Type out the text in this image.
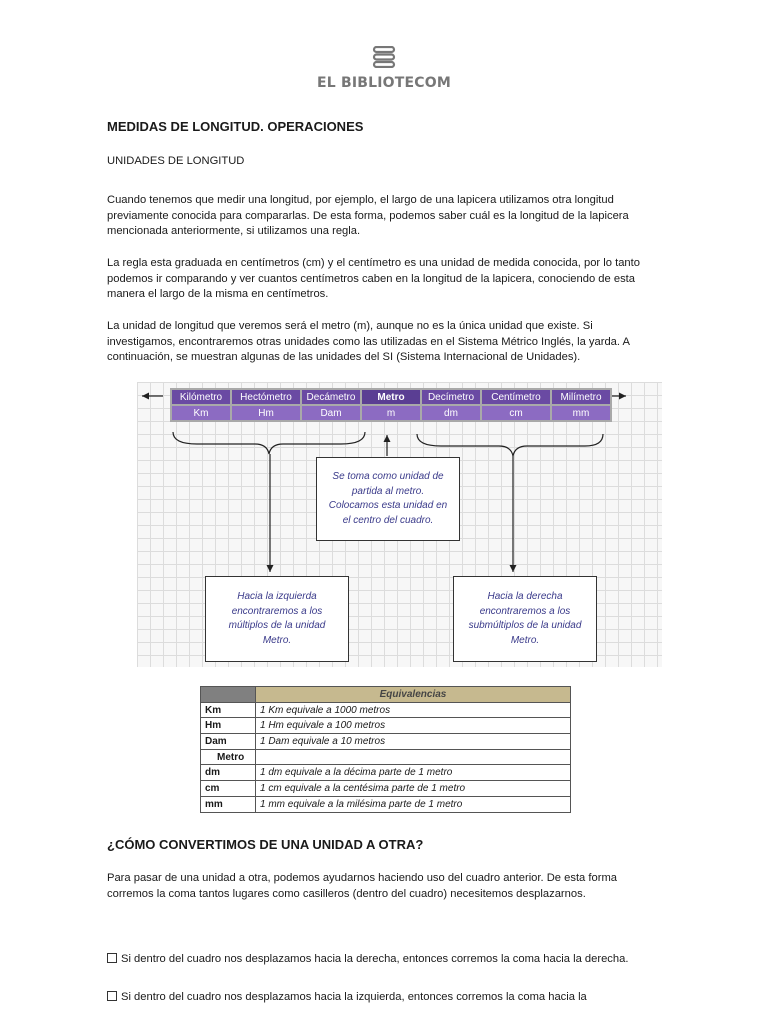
EL BIBLIOTECOM
MEDIDAS DE LONGITUD. OPERACIONES
UNIDADES DE LONGITUD

Cuando tenemos que medir una longitud, por ejemplo, el largo de una lapicera utilizamos otra longitud previamente conocida para compararlas. De esta forma, podemos saber cuál es la longitud de la lapicera mencionada anteriormente, si utilizamos una regla.

La regla esta graduada en centímetros (cm) y el centímetro es una unidad de medida conocida, por lo tanto podemos ir comparando y ver cuantos centímetros caben en la longitud de la lapicera, conociendo de esta manera el largo de la misma en centímetros.

La unidad de longitud que veremos será el metro (m), aunque no es la única unidad que existe. Si investigamos, encontraremos otras unidades como las utilizadas en el Sistema Métrico Inglés, la yarda. A continuación, se muestran algunas de las unidades del SI (Sistema Internacional de Unidades).

Kilómetro	Hectómetro	Decámetro	Metro	Decímetro	Centímetro	Milímetro
Km	Hm	Dam	m	dm	cm	mm
Se toma como unidad de partida al metro. Colocamos esta unidad en el centro del cuadro.
Hacia la izquierda encontraremos a los múltiplos de la unidad Metro.
Hacia la derecha encontraremos a los submúltiplos de la unidad Metro.
	Equivalencias
Km	1 Km equivale a 1000 metros
Hm	1 Hm equivale a 100 metros
Dam	1 Dam equivale a 10 metros
Metro	
dm	1 dm equivale a la décima parte de 1 metro
cm	1 cm equivale a la centésima parte de 1 metro
mm	1 mm equivale a la milésima parte de 1 metro
¿CÓMO CONVERTIMOS DE UNA UNIDAD A OTRA?

Para pasar de una unidad a otra, podemos ayudarnos haciendo uso del cuadro anterior. De esta forma corremos la coma tantos lugares como casilleros (dentro del cuadro) necesitemos desplazarnos.

Si dentro del cuadro nos desplazamos hacia la derecha, entonces corremos la coma hacia la derecha.
Si dentro del cuadro nos desplazamos hacia la izquierda, entonces corremos la coma hacia la
